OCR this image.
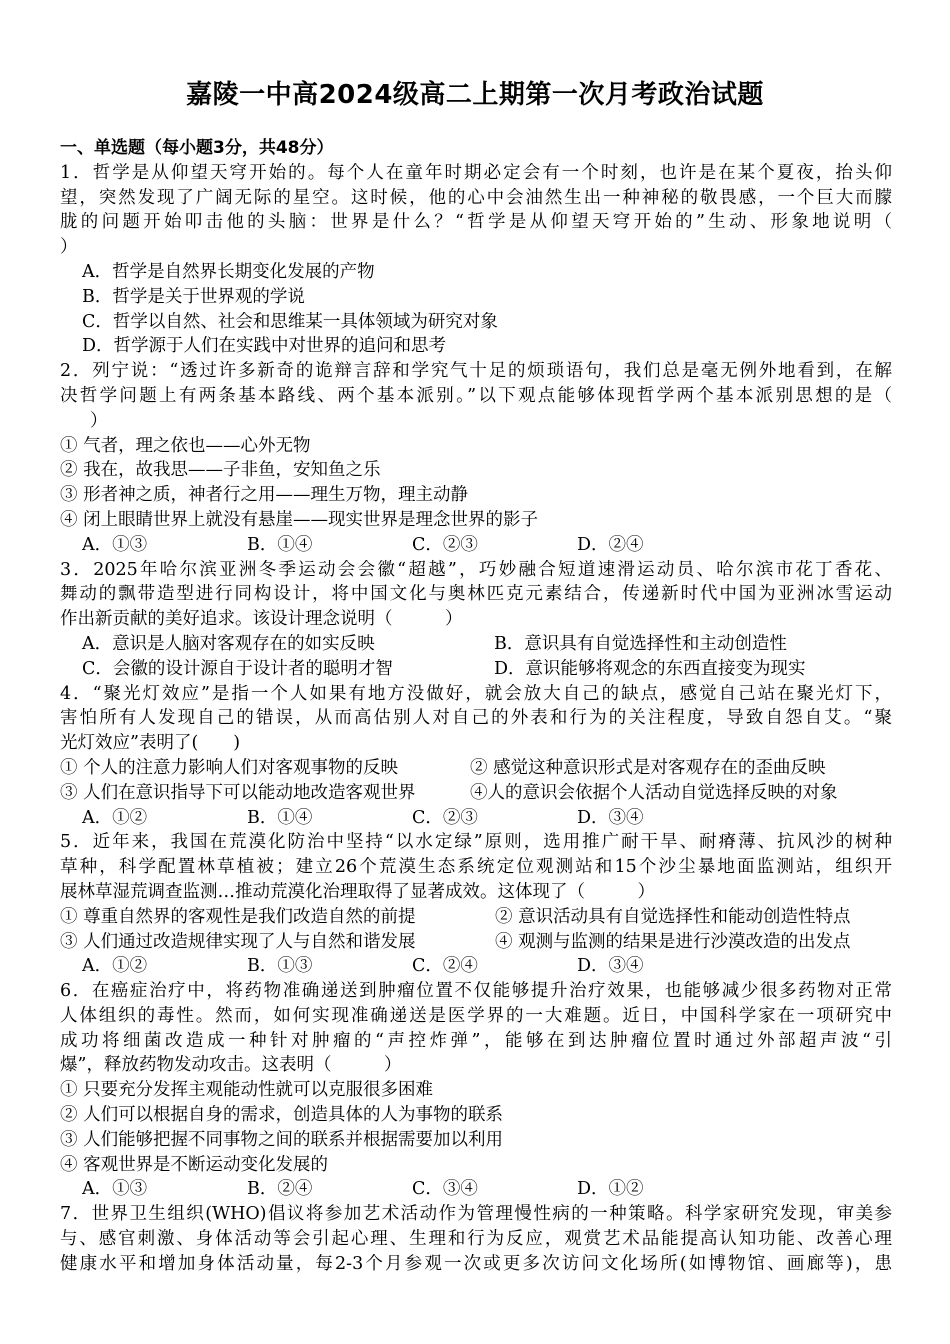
嘉陵一中高2024级高二上期第一次月考政治试题
一、单选题（每小题3分，共48分）
1．哲学是从仰望天穹开始的。每个人在童年时期必定会有一个时刻，也许是在某个夏夜，抬头仰
望，突然发现了广阔无际的星空。这时候，他的心中会油然生出一种神秘的敬畏感，一个巨大而朦
胧的问题开始叩击他的头脑：世界是什么？“哲学是从仰望天穹开始的”生动、形象地说明（
）
A．哲学是自然界长期变化发展的产物
B．哲学是关于世界观的学说
C．哲学以自然、社会和思维某一具体领域为研究对象
D．哲学源于人们在实践中对世界的追问和思考
2．列宁说：“透过许多新奇的诡辩言辞和学究气十足的烦琐语句，我们总是毫无例外地看到，在解
决哲学问题上有两条基本路线、两个基本派别。”以下观点能够体现哲学两个基本派别思想的是（
）
① 气者，理之依也——心外无物
② 我在，故我思——子非鱼，安知鱼之乐
③ 形者神之质，神者行之用——理生万物，理主动静
④ 闭上眼睛世界上就没有悬崖——现实世界是理念世界的影子
A．①③	B．①④	C．②③	D．②④
3．2025年哈尔滨亚洲冬季运动会会徽“超越”，巧妙融合短道速滑运动员、哈尔滨市花丁香花、
舞动的飘带造型进行同构设计，将中国文化与奥林匹克元素结合，传递新时代中国为亚洲冰雪运动
作出新贡献的美好追求。该设计理念说明（　　　）
A．意识是人脑对客观存在的如实反映	B．意识具有自觉选择性和主动创造性
C．会徽的设计源自于设计者的聪明才智	D．意识能够将观念的东西直接变为现实
4．“聚光灯效应”是指一个人如果有地方没做好，就会放大自己的缺点，感觉自己站在聚光灯下，
害怕所有人发现自己的错误，从而高估别人对自己的外表和行为的关注程度，导致自怨自艾。“聚
光灯效应”表明了(　　)
① 个人的注意力影响人们对客观事物的反映	② 感觉这种意识形式是对客观存在的歪曲反映
③ 人们在意识指导下可以能动地改造客观世界	④人的意识会依据个人活动自觉选择反映的对象
A．①②	B．①④	C．②③	D．③④
5．近年来，我国在荒漠化防治中坚持“以水定绿”原则，选用推广耐干旱、耐瘠薄、抗风沙的树种
草种，科学配置林草植被；建立26个荒漠生态系统定位观测站和15个沙尘暴地面监测站，组织开
展林草湿荒调查监测…推动荒漠化治理取得了显著成效。这体现了（　　　）
① 尊重自然界的客观性是我们改造自然的前提	② 意识活动具有自觉选择性和能动创造性特点
③ 人们通过改造规律实现了人与自然和谐发展	④ 观测与监测的结果是进行沙漠改造的出发点
A．①②	B．①③	C．②④	D．③④
6．在癌症治疗中，将药物准确递送到肿瘤位置不仅能够提升治疗效果，也能够减少很多药物对正常
人体组织的毒性。然而，如何实现准确递送是医学界的一大难题。近日，中国科学家在一项研究中
成功将细菌改造成一种针对肿瘤的“声控炸弹”，能够在到达肿瘤位置时通过外部超声波“引
爆”，释放药物发动攻击。这表明（　　　）
① 只要充分发挥主观能动性就可以克服很多困难
② 人们可以根据自身的需求，创造具体的人为事物的联系
③ 人们能够把握不同事物之间的联系并根据需要加以利用
④ 客观世界是不断运动变化发展的
A．①③	B．②④	C．③④	D．①②
7．世界卫生组织(WHO)倡议将参加艺术活动作为管理慢性病的一种策略。科学家研究发现，审美参
与、感官刺激、身体活动等会引起心理、生理和行为反应，观赏艺术品能提高认知功能、改善心理
健康水平和增加身体活动量，每2-3个月参观一次或更多次访问文化场所(如博物馆、画廊等)，患
